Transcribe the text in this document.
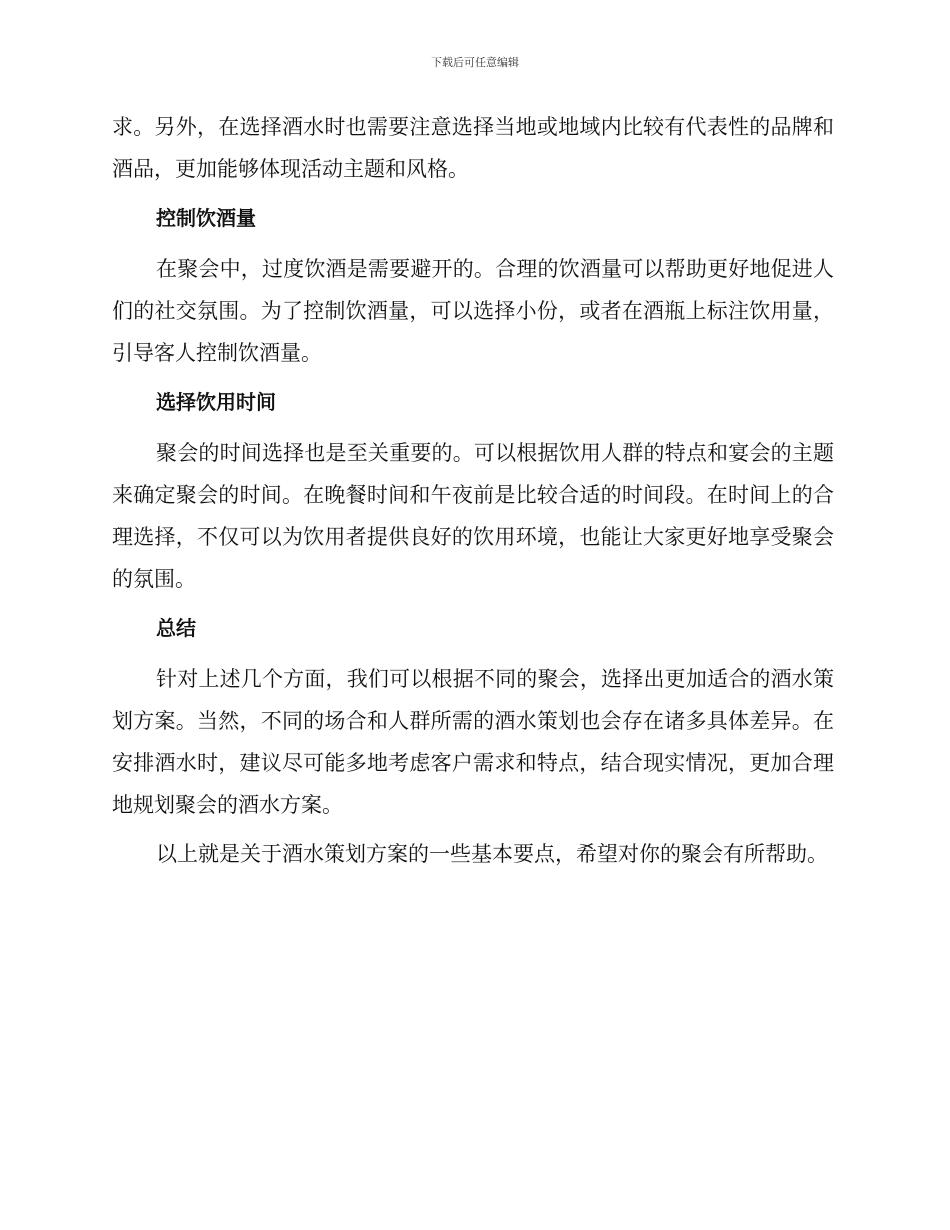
下载后可任意编辑

求。另外，在选择酒水时也需要注意选择当地或地域内比较有代表性的品牌和酒品，更加能够体现活动主题和风格。

控制饮酒量

在聚会中，过度饮酒是需要避开的。合理的饮酒量可以帮助更好地促进人们的社交氛围。为了控制饮酒量，可以选择小份，或者在酒瓶上标注饮用量，引导客人控制饮酒量。

选择饮用时间

聚会的时间选择也是至关重要的。可以根据饮用人群的特点和宴会的主题来确定聚会的时间。在晚餐时间和午夜前是比较合适的时间段。在时间上的合理选择，不仅可以为饮用者提供良好的饮用环境，也能让大家更好地享受聚会的氛围。

总结

针对上述几个方面，我们可以根据不同的聚会，选择出更加适合的酒水策划方案。当然，不同的场合和人群所需的酒水策划也会存在诸多具体差异。在安排酒水时，建议尽可能多地考虑客户需求和特点，结合现实情况，更加合理地规划聚会的酒水方案。

以上就是关于酒水策划方案的一些基本要点，希望对你的聚会有所帮助。
